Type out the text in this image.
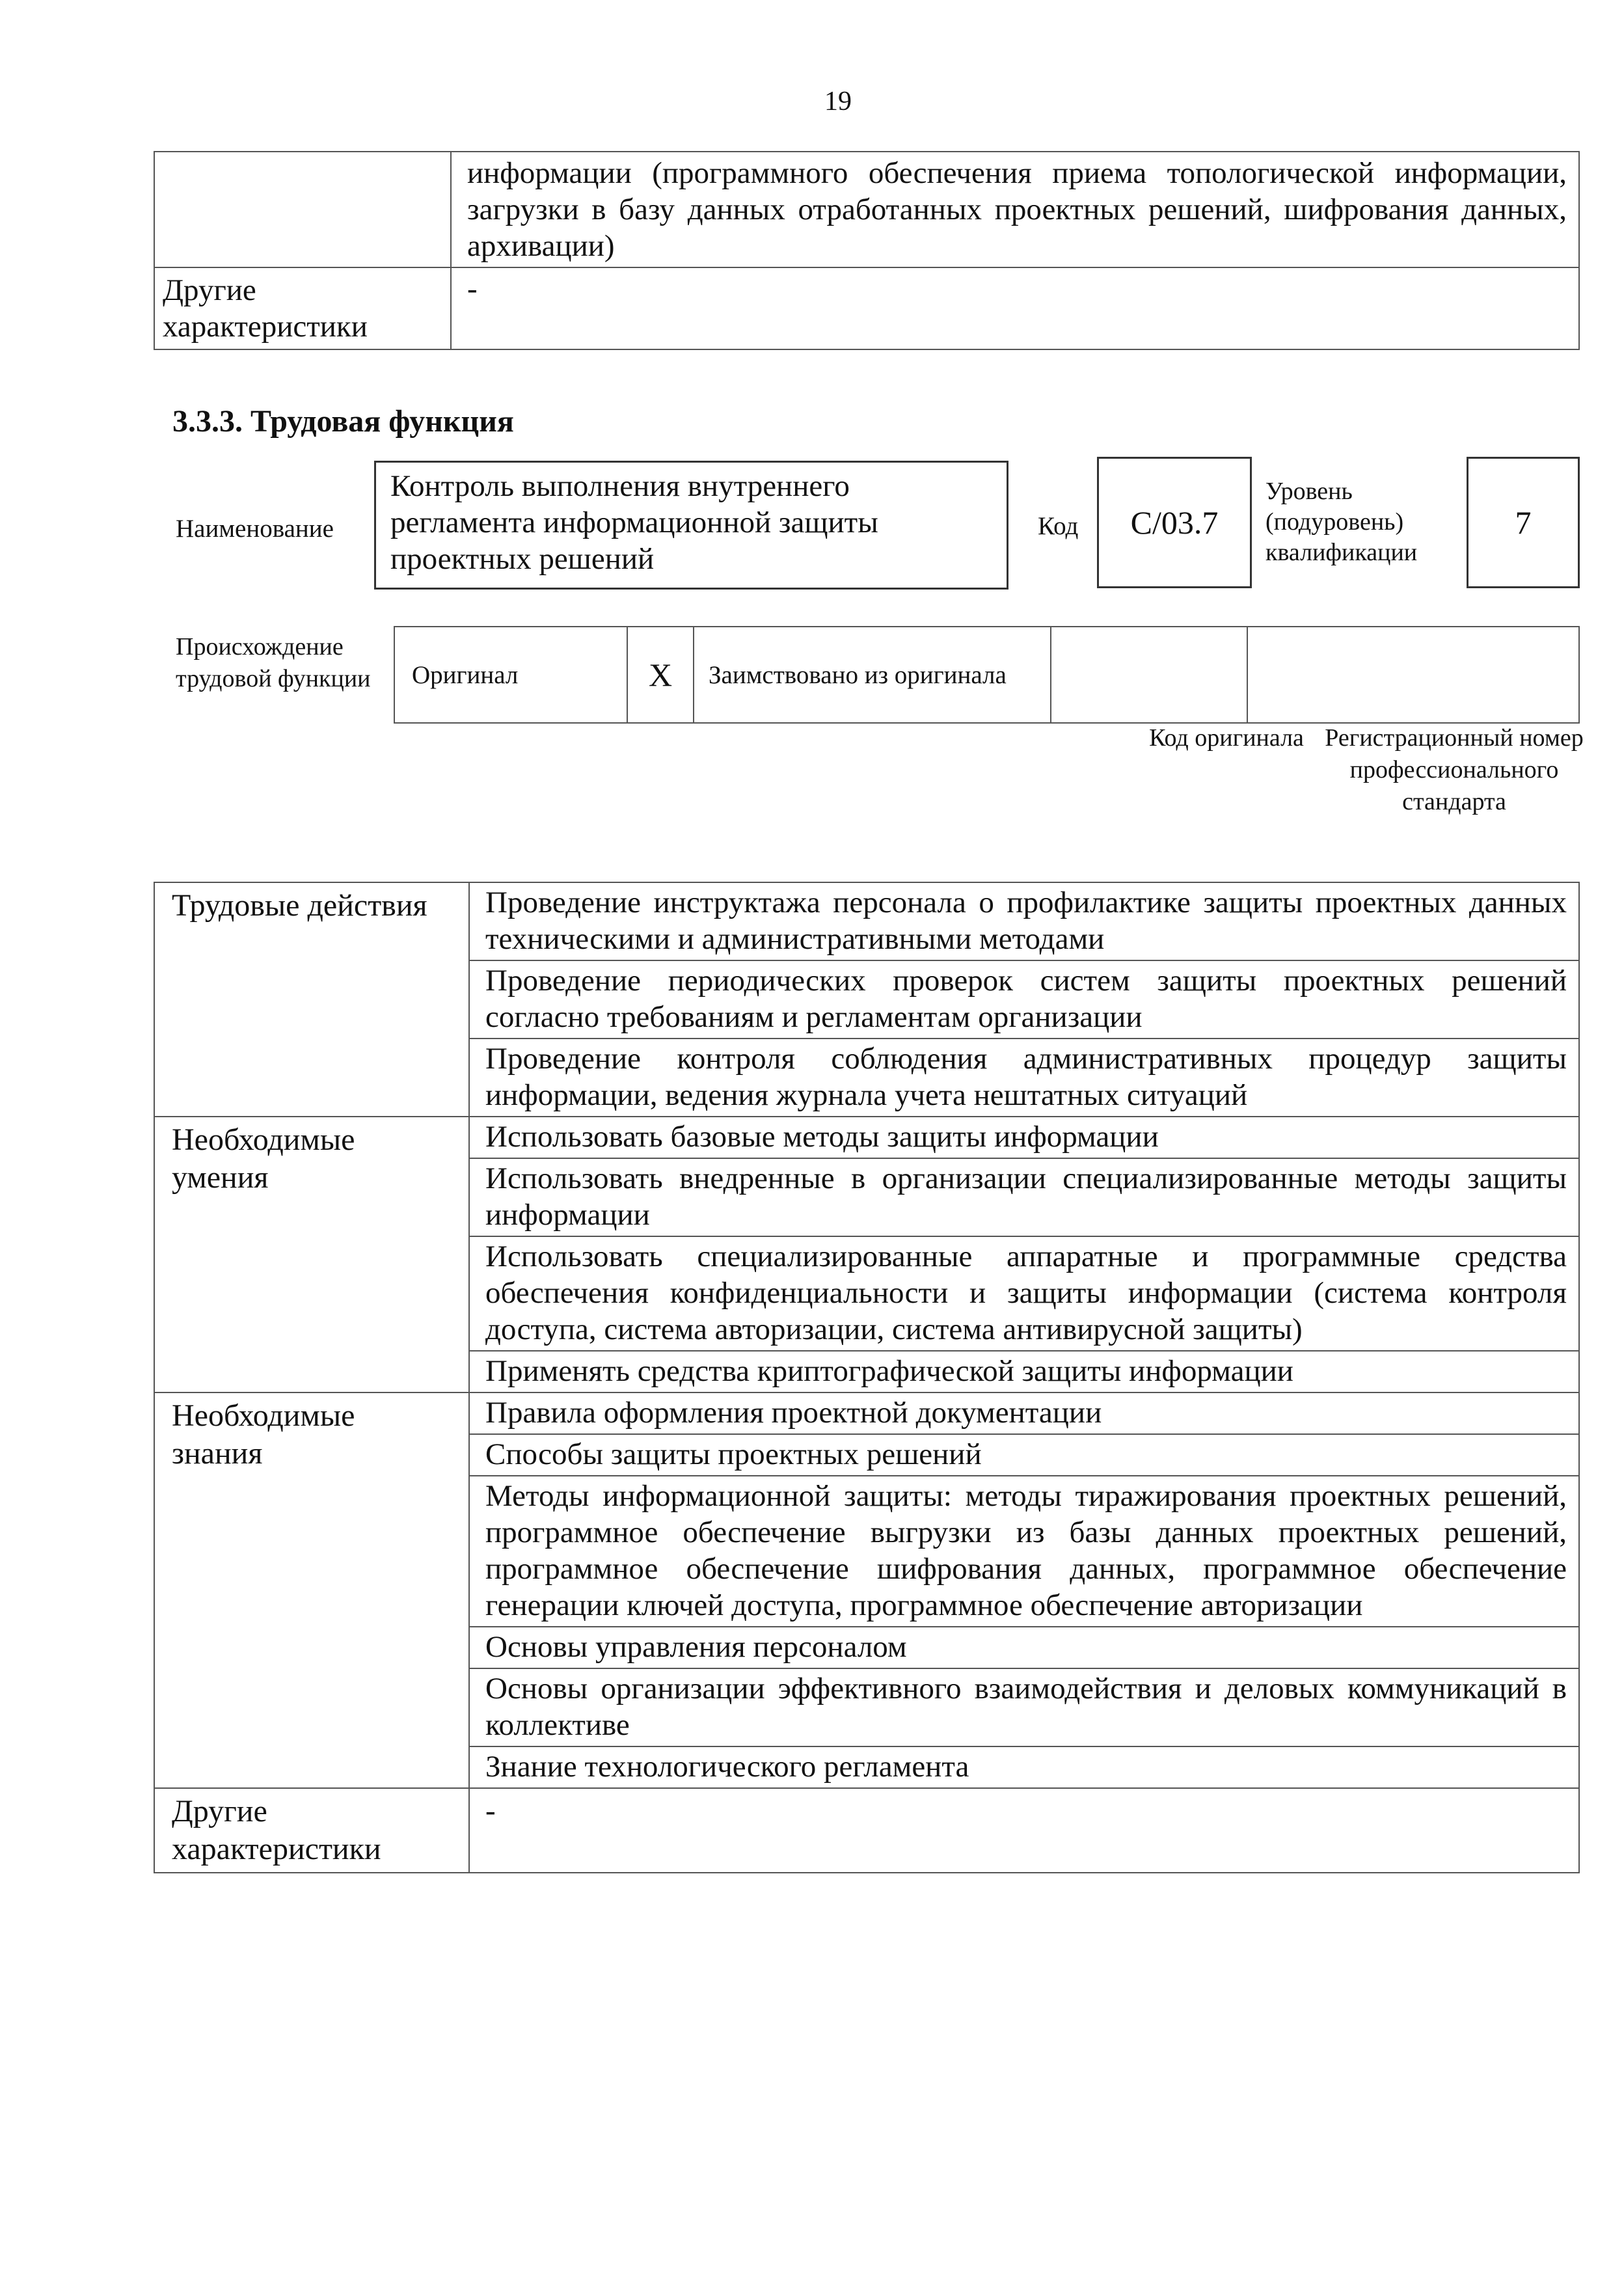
19
	информации (программного обеспечения приема топологической информации, загрузки в базу данных отработанных проектных решений, шифрования данных, архивации)
Другие характеристики	-
3.3.3. Трудовая функция
Наименование
Контроль выполнения внутреннего регламента информационной защиты проектных решений
Код	C/03.7
Уровень (подуровень) квалификации
7
Происхождение трудовой функции	Оригинал	X	Заимствовано из оригинала		
Код оригинала Регистрационный номер профессионального стандарта
Трудовые действия	Проведение инструктажа персонала о профилактике защиты проектных данных техническими и административными методами
	Проведение периодических проверок систем защиты проектных решений согласно требованиям и регламентам организации
	Проведение контроля соблюдения административных процедур защиты информации, ведения журнала учета нештатных ситуаций
Необходимые умения	Использовать базовые методы защиты информации
	Использовать внедренные в организации специализированные методы защиты информации
	Использовать специализированные аппаратные и программные средства обеспечения конфиденциальности и защиты информации (система контроля доступа, система авторизации, система антивирусной защиты)
	Применять средства криптографической защиты информации
Необходимые знания	Правила оформления проектной документации
	Способы защиты проектных решений
	Методы информационной защиты: методы тиражирования проектных решений, программное обеспечение выгрузки из базы данных проектных решений, программное обеспечение шифрования данных, программное обеспечение генерации ключей доступа, программное обеспечение авторизации
	Основы управления персоналом
	Основы организации эффективного взаимодействия и деловых коммуникаций в коллективе
	Знание технологического регламента
Другие характеристики	-
